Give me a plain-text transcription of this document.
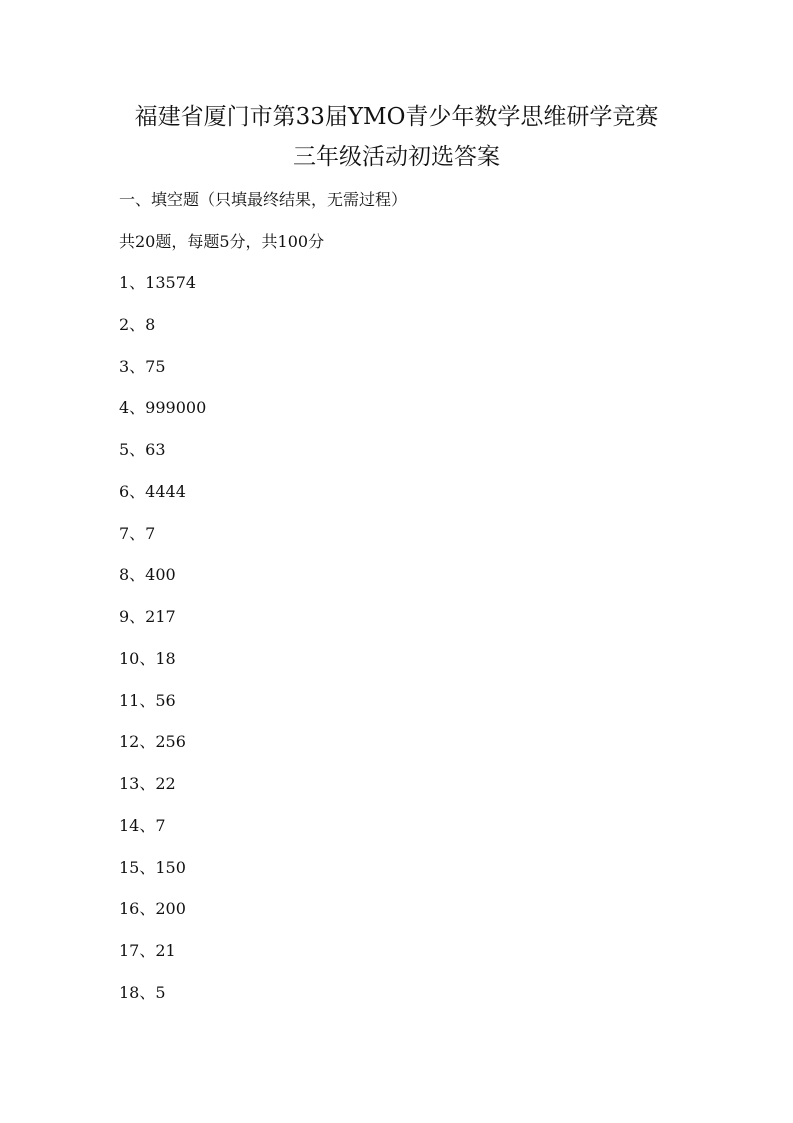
福建省厦门市第33届YMO青少年数学思维研学竞赛
三年级活动初选答案
一、填空题（只填最终结果，无需过程）
共20题，每题5分，共100分
1、13574
2、8
3、75
4、999000
5、63
6、4444
7、7
8、400
9、217
10、18
11、56
12、256
13、22
14、7
15、150
16、200
17、21
18、5
